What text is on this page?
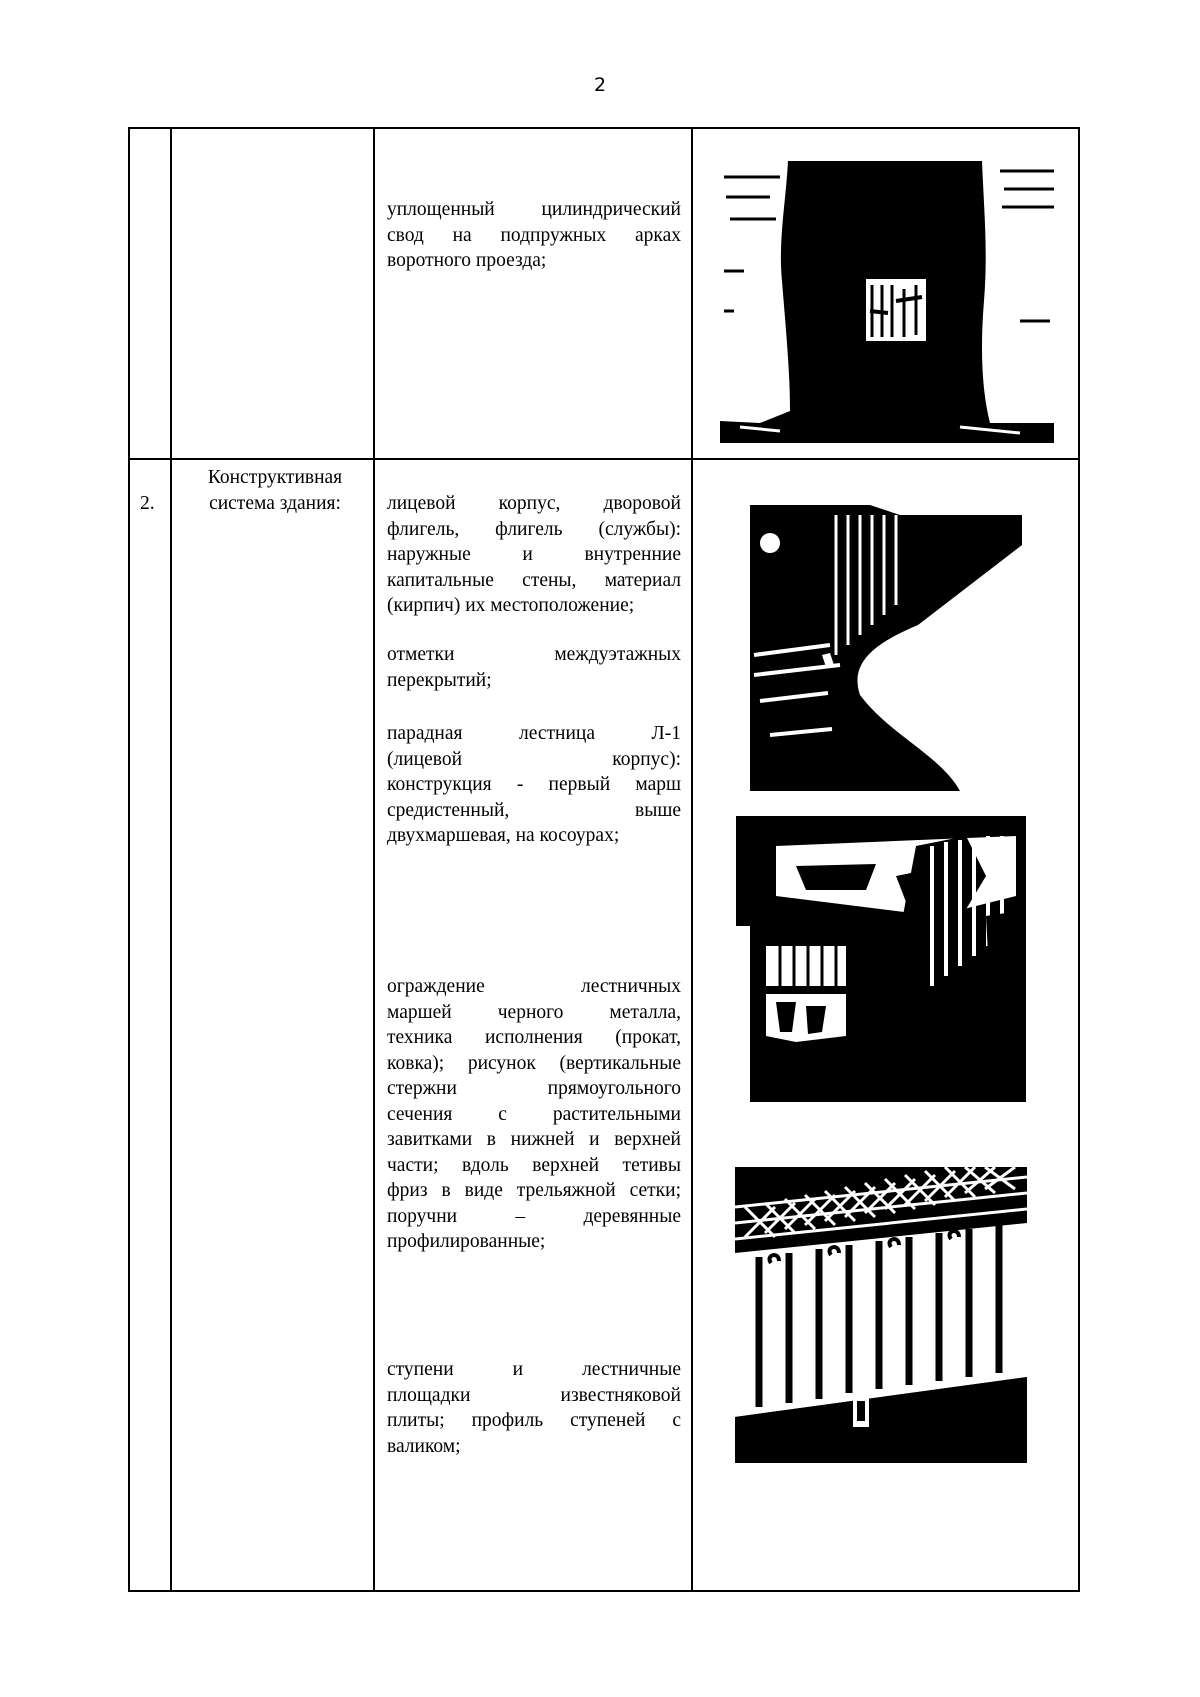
2
уплощенный цилиндрический
свод на подпружных арках
воротного проезда;
2.
Конструктивная
система здания:	лицевой корпус, дворовой
флигель, флигель (службы):
наружные и внутренние
капитальные стены, материал
(кирпич) их местоположение;
отметки междуэтажных
перекрытий;
парадная лестница Л-1
(лицевой корпус):
конструкция - первый марш
средистенный, выше
двухмаршевая, на косоурах;
ограждение лестничных
маршей черного металла,
техника исполнения (прокат,
ковка); рисунок (вертикальные
стержни прямоугольного
сечения с растительными
завитками в нижней и верхней
части; вдоль верхней тетивы
фриз в виде трельяжной сетки;
поручни – деревянные
профилированные;
ступени и лестничные
площадки известняковой
плиты; профиль ступеней с
валиком;
